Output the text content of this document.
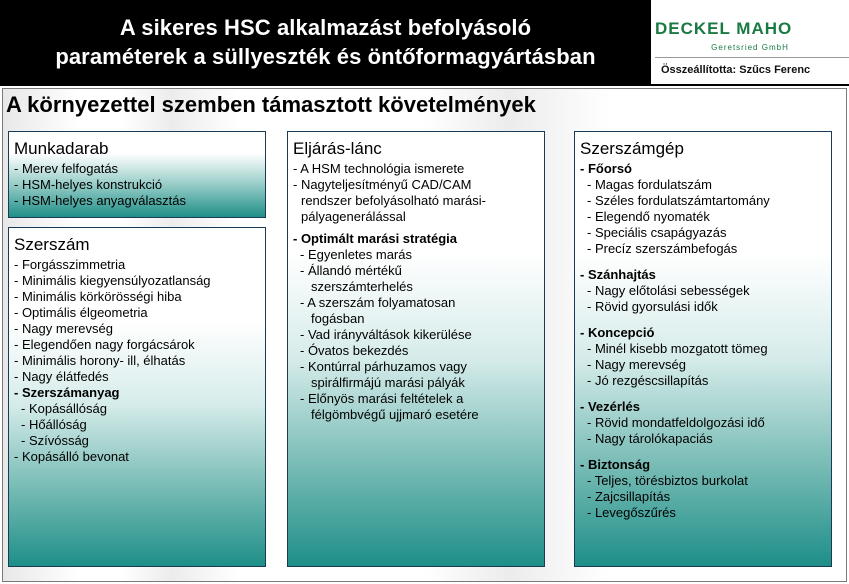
A sikeres HSC alkalmazást befolyásoló
paraméterek a süllyeszték és öntőformagyártásban
DECKEL MAHO
Geretsried GmbH
Összeállította: Szűcs Ferenc
A környezettel szemben támasztott követelmények
Munkadarab
- Merev felfogatás
- HSM-helyes konstrukció
- HSM-helyes anyagválasztás
Szerszám
- Forgásszimmetria
- Minimális kiegyensúlyozatlanság
- Minimális körkörösségi hiba
- Optimális élgeometria
- Nagy merevség
- Elegendően nagy forgácsárok
- Minimális horony- ill, élhatás
- Nagy élátfedés
- Szerszámanyag
- Kopásállóság
- Hőállóság
- Szívósság
- Kopásálló bevonat
Eljárás-lánc
- A HSM technológia ismerete
- Nagyteljesítményű CAD/CAM
rendszer befolyásolható marási-
pályagenerálással
- Optimált marási stratégia
- Egyenletes marás
- Állandó mértékű
szerszámterhelés
- A szerszám folyamatosan
fogásban
- Vad irányváltások kikerülése
- Óvatos bekezdés
- Kontúrral párhuzamos vagy
spirálfirmájú marási pályák
- Előnyös marási feltételek a
félgömbvégű ujjmaró esetére
Szerszámgép
- Főorsó
- Magas fordulatszám
- Széles fordulatszámtartomány
- Elegendő nyomaték
- Speciális csapágyazás
- Precíz szerszámbefogás
- Szánhajtás
- Nagy előtolási sebességek
- Rövid gyorsulási idők
- Koncepció
- Minél kisebb mozgatott tömeg
- Nagy merevség
- Jó rezgéscsillapítás
- Vezérlés
- Rövid mondatfeldolgozási idő
- Nagy tárolókapaciás
- Biztonság
- Teljes, törésbiztos burkolat
- Zajcsillapítás
- Levegőszűrés
